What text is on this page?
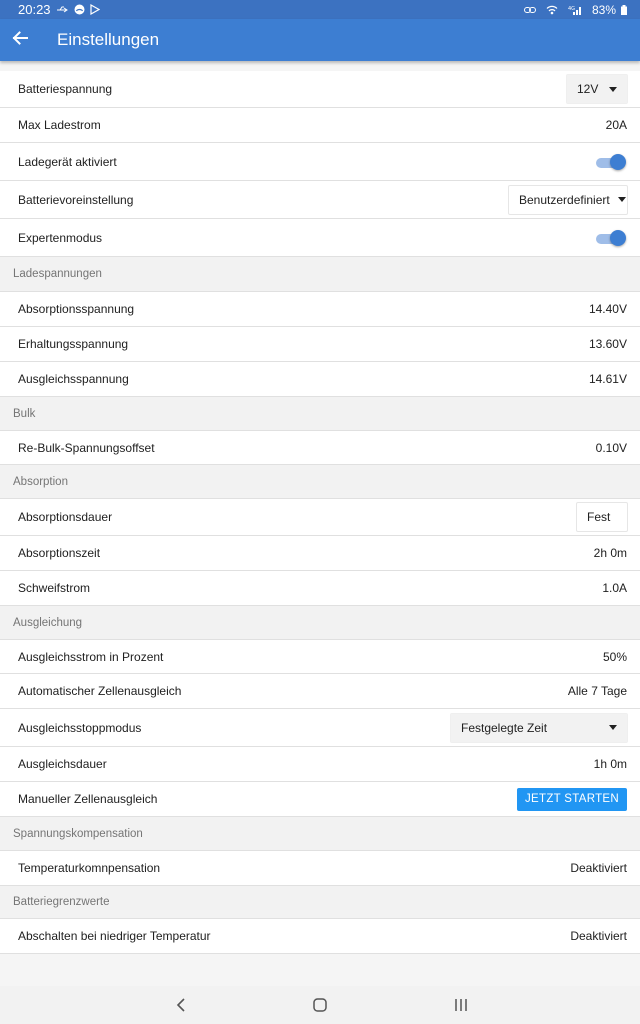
20:23	4G 83%
Einstellungen
Batteriespannung	12V
Max Ladestrom	20A
Ladegerät aktiviert
Batterievoreinstellung	Benutzerdefiniert
Expertenmodus
Ladespannungen
Absorptionsspannung	14.40V
Erhaltungsspannung	13.60V
Ausgleichsspannung	14.61V
Bulk
Re-Bulk-Spannungsoffset	0.10V
Absorption
Absorptionsdauer	Fest
Absorptionszeit	2h 0m
Schweifstrom	1.0A
Ausgleichung
Ausgleichsstrom in Prozent	50%
Automatischer Zellenausgleich	Alle 7 Tage
Ausgleichsstoppmodus	Festgelegte Zeit
Ausgleichsdauer	1h 0m
Manueller Zellenausgleich	JETZT STARTEN
Spannungskompensation
Temperaturkomnpensation	Deaktiviert
Batteriegrenzwerte
Abschalten bei niedriger Temperatur	Deaktiviert
